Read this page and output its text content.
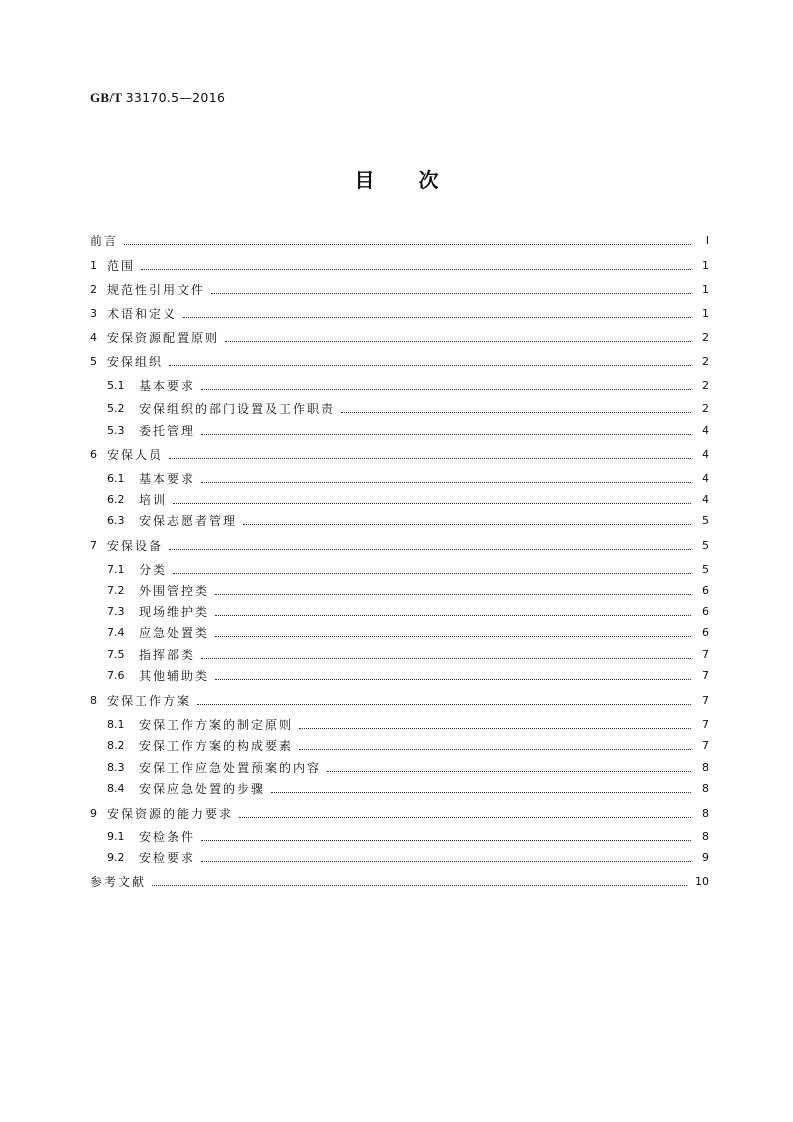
GB/T 33170.5—2016
目 次
前言	Ⅰ
1 范围	1
2 规范性引用文件	1
3 术语和定义	1
4 安保资源配置原则	2
5 安保组织	2
5.1	基本要求	2
5.2	安保组织的部门设置及工作职责	2
5.3	委托管理	4
6 安保人员	4
6.1	基本要求	4
6.2	培训	4
6.3	安保志愿者管理	5
7 安保设备	5
7.1	分类	5
7.2	外围管控类	6
7.3	现场维护类	6
7.4	应急处置类	6
7.5	指挥部类	7
7.6	其他辅助类	7
8 安保工作方案	7
8.1	安保工作方案的制定原则	7
8.2	安保工作方案的构成要素	7
8.3	安保工作应急处置预案的内容	8
8.4	安保应急处置的步骤	8
9 安保资源的能力要求	8
9.1	安检条件	8
9.2	安检要求	9
参考文献	10
